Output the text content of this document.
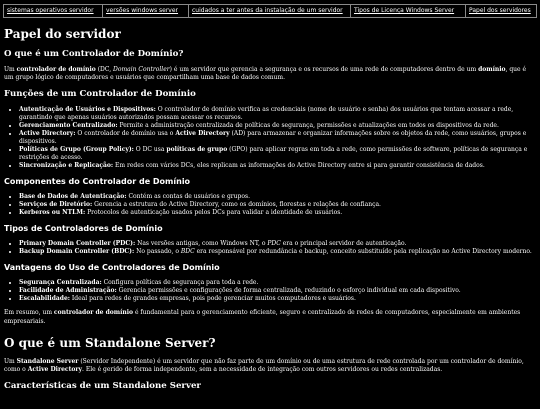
sistemas operativos servidor	versões windows server	cuidados a ter antes da instalação de um servidor	Tipos de Licença Windows Server	Papel dos servidores
Papel do servidor
O que é um Controlador de Domínio?

Um controlador de domínio (DC, Domain Controller) é um servidor que gerencia a segurança e os recursos de uma rede de computadores dentro de um domínio, que é um grupo lógico de computadores e usuários que compartilham uma base de dados comum.

Funções de um Controlador de Domínio
• Autenticação de Usuários e Dispositivos: O controlador de domínio verifica as credenciais (nome de usuário e senha) dos usuários que tentam acessar a rede, garantindo que apenas usuários autorizados possam acessar os recursos.
• Gerenciamento Centralizado: Permite a administração centralizada de políticas de segurança, permissões e atualizações em todos os dispositivos da rede.
• Active Directory: O controlador de domínio usa o Active Directory (AD) para armazenar e organizar informações sobre os objetos da rede, como usuários, grupos e dispositivos.
• Políticas de Grupo (Group Policy): O DC usa políticas de grupo (GPO) para aplicar regras em toda a rede, como permissões de software, políticas de segurança e restrições de acesso.
• Sincronização e Replicação: Em redes com vários DCs, eles replicam as informações do Active Directory entre si para garantir consistência de dados.
Componentes do Controlador de Domínio
• Base de Dados de Autenticação: Contém as contas de usuários e grupos.
• Serviços de Diretório: Gerencia a estrutura do Active Directory, como os domínios, florestas e relações de confiança.
• Kerberos ou NTLM: Protocolos de autenticação usados pelos DCs para validar a identidade de usuários.
Tipos de Controladores de Domínio
• Primary Domain Controller (PDC): Nas versões antigas, como Windows NT, o PDC era o principal servidor de autenticação.
• Backup Domain Controller (BDC): No passado, o BDC era responsável por redundância e backup, conceito substituído pela replicação no Active Directory moderno.
Vantagens do Uso de Controladores de Domínio
• Segurança Centralizada: Configura políticas de segurança para toda a rede.
• Facilidade de Administração: Gerencia permissões e configurações de forma centralizada, reduzindo o esforço individual em cada dispositivo.
• Escalabilidade: Ideal para redes de grandes empresas, pois pode gerenciar muitos computadores e usuários.

Em resumo, um controlador de domínio é fundamental para o gerenciamento eficiente, seguro e centralizado de redes de computadores, especialmente em ambientes empresariais.

O que é um Standalone Server?

Um Standalone Server (Servidor Independente) é um servidor que não faz parte de um domínio ou de uma estrutura de rede controlada por um controlador de domínio, como o Active Directory. Ele é gerido de forma independente, sem a necessidade de integração com outros servidores ou redes centralizadas.

Características de um Standalone Server
